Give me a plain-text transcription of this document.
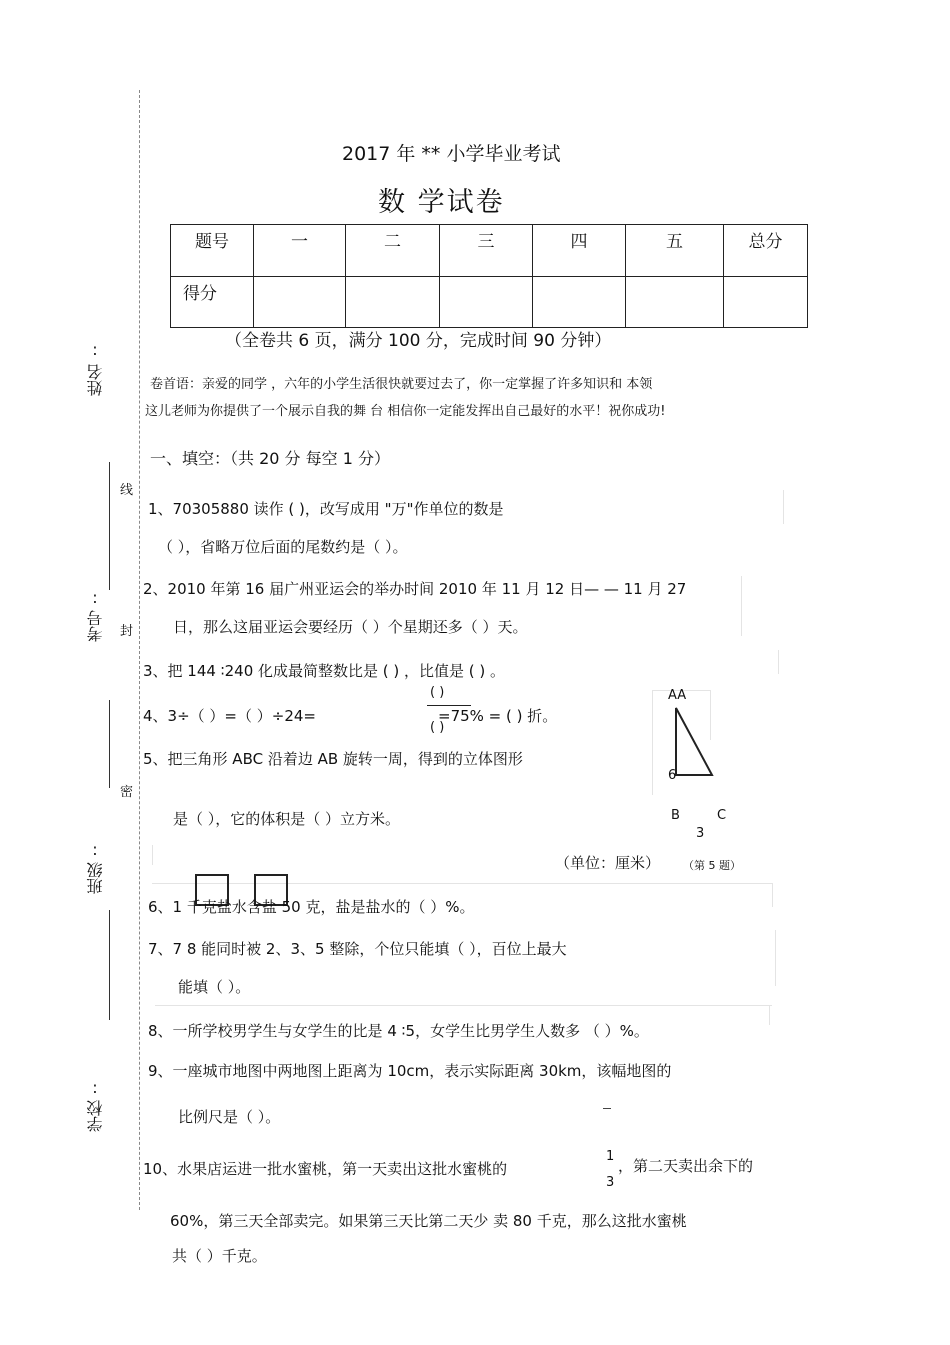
:
姓名
:
考号
:
班级
:
学校
线
封
密
2017 年 ** 小学毕业考试
数 学试卷
题号	一	二	三	四	五	总分
得分						
（全卷共 6 页，满分 100 分，完成时间 90 分钟）
卷首语：亲爱的同学 ，六年的小学生活很快就要过去了，你一定掌握了许多知识和 本领
这儿老师为你提供了一个展示自我的舞 台 相信你一定能发挥出自己最好的水平！祝你成功!
一、填空：（共 20 分 每空 1 分）
1、70305880 读作 ( )，改写成用 "万"作单位的数是
（ ），省略万位后面的尾数约是（ ）。
2、2010 年第 16 届广州亚运会的举办时间 2010 年 11 月 12 日— — 11 月 27
日，那么这届亚运会要经历（ ）个星期还多（ ）天。
3、把 144 ∶240 化成最简整数比是 ( ) ，比值是 ( ) 。
4、3÷（ ）=（ ）÷24=
( )
( )
=75% = ( ) 折。
AA
6
B	C
3
5、把三角形 ABC 沿着边 AB 旋转一周，得到的立体图形
是（ ），它的体积是（ ）立方米。
（单位：厘米） （第 5 题）
6、1 千克盐水含盐 50 克，盐是盐水的（ ）%。
7、7 8 能同时被 2、3、5 整除，个位只能填（ ），百位上最大
能填（ ）。
8、一所学校男学生与女学生的比是 4 ∶5，女学生比男学生人数多 （ ）%。
9、一座城市地图中两地图上距离为 10cm，表示实际距离 30km，该幅地图的
比例尺是（ ）。
10、水果店运进一批水蜜桃，第一天卖出这批水蜜桃的
1
3
，第二天卖出余下的
60%，第三天全部卖完。如果第三天比第二天少 卖 80 千克，那么这批水蜜桃
共（ ）千克。
